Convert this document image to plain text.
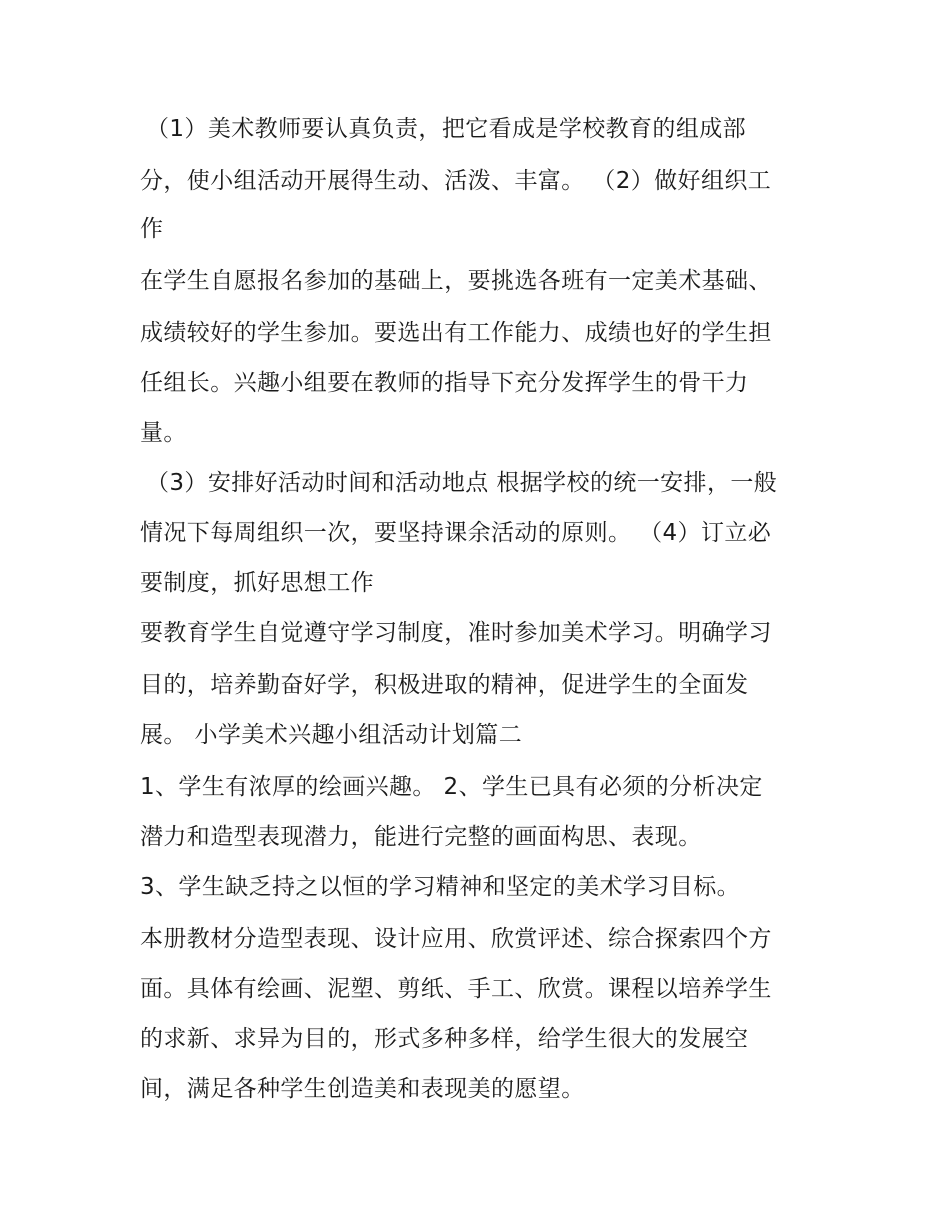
（1）美术教师要认真负责，把它看成是学校教育的组成部
分，使小组活动开展得生动、活泼、丰富。 （2）做好组织工
作
在学生自愿报名参加的基础上，要挑选各班有一定美术基础、
成绩较好的学生参加。要选出有工作能力、成绩也好的学生担
任组长。兴趣小组要在教师的指导下充分发挥学生的骨干力
量。
（3）安排好活动时间和活动地点 根据学校的统一安排，一般
情况下每周组织一次，要坚持课余活动的原则。 （4）订立必
要制度，抓好思想工作
要教育学生自觉遵守学习制度，准时参加美术学习。明确学习
目的，培养勤奋好学，积极进取的精神，促进学生的全面发
展。 小学美术兴趣小组活动计划篇二
1、学生有浓厚的绘画兴趣。 2、学生已具有必须的分析决定
潜力和造型表现潜力，能进行完整的画面构思、表现。
3、学生缺乏持之以恒的学习精神和坚定的美术学习目标。
本册教材分造型表现、设计应用、欣赏评述、综合探索四个方
面。具体有绘画、泥塑、剪纸、手工、欣赏。课程以培养学生
的求新、求异为目的，形式多种多样，给学生很大的发展空
间，满足各种学生创造美和表现美的愿望。
